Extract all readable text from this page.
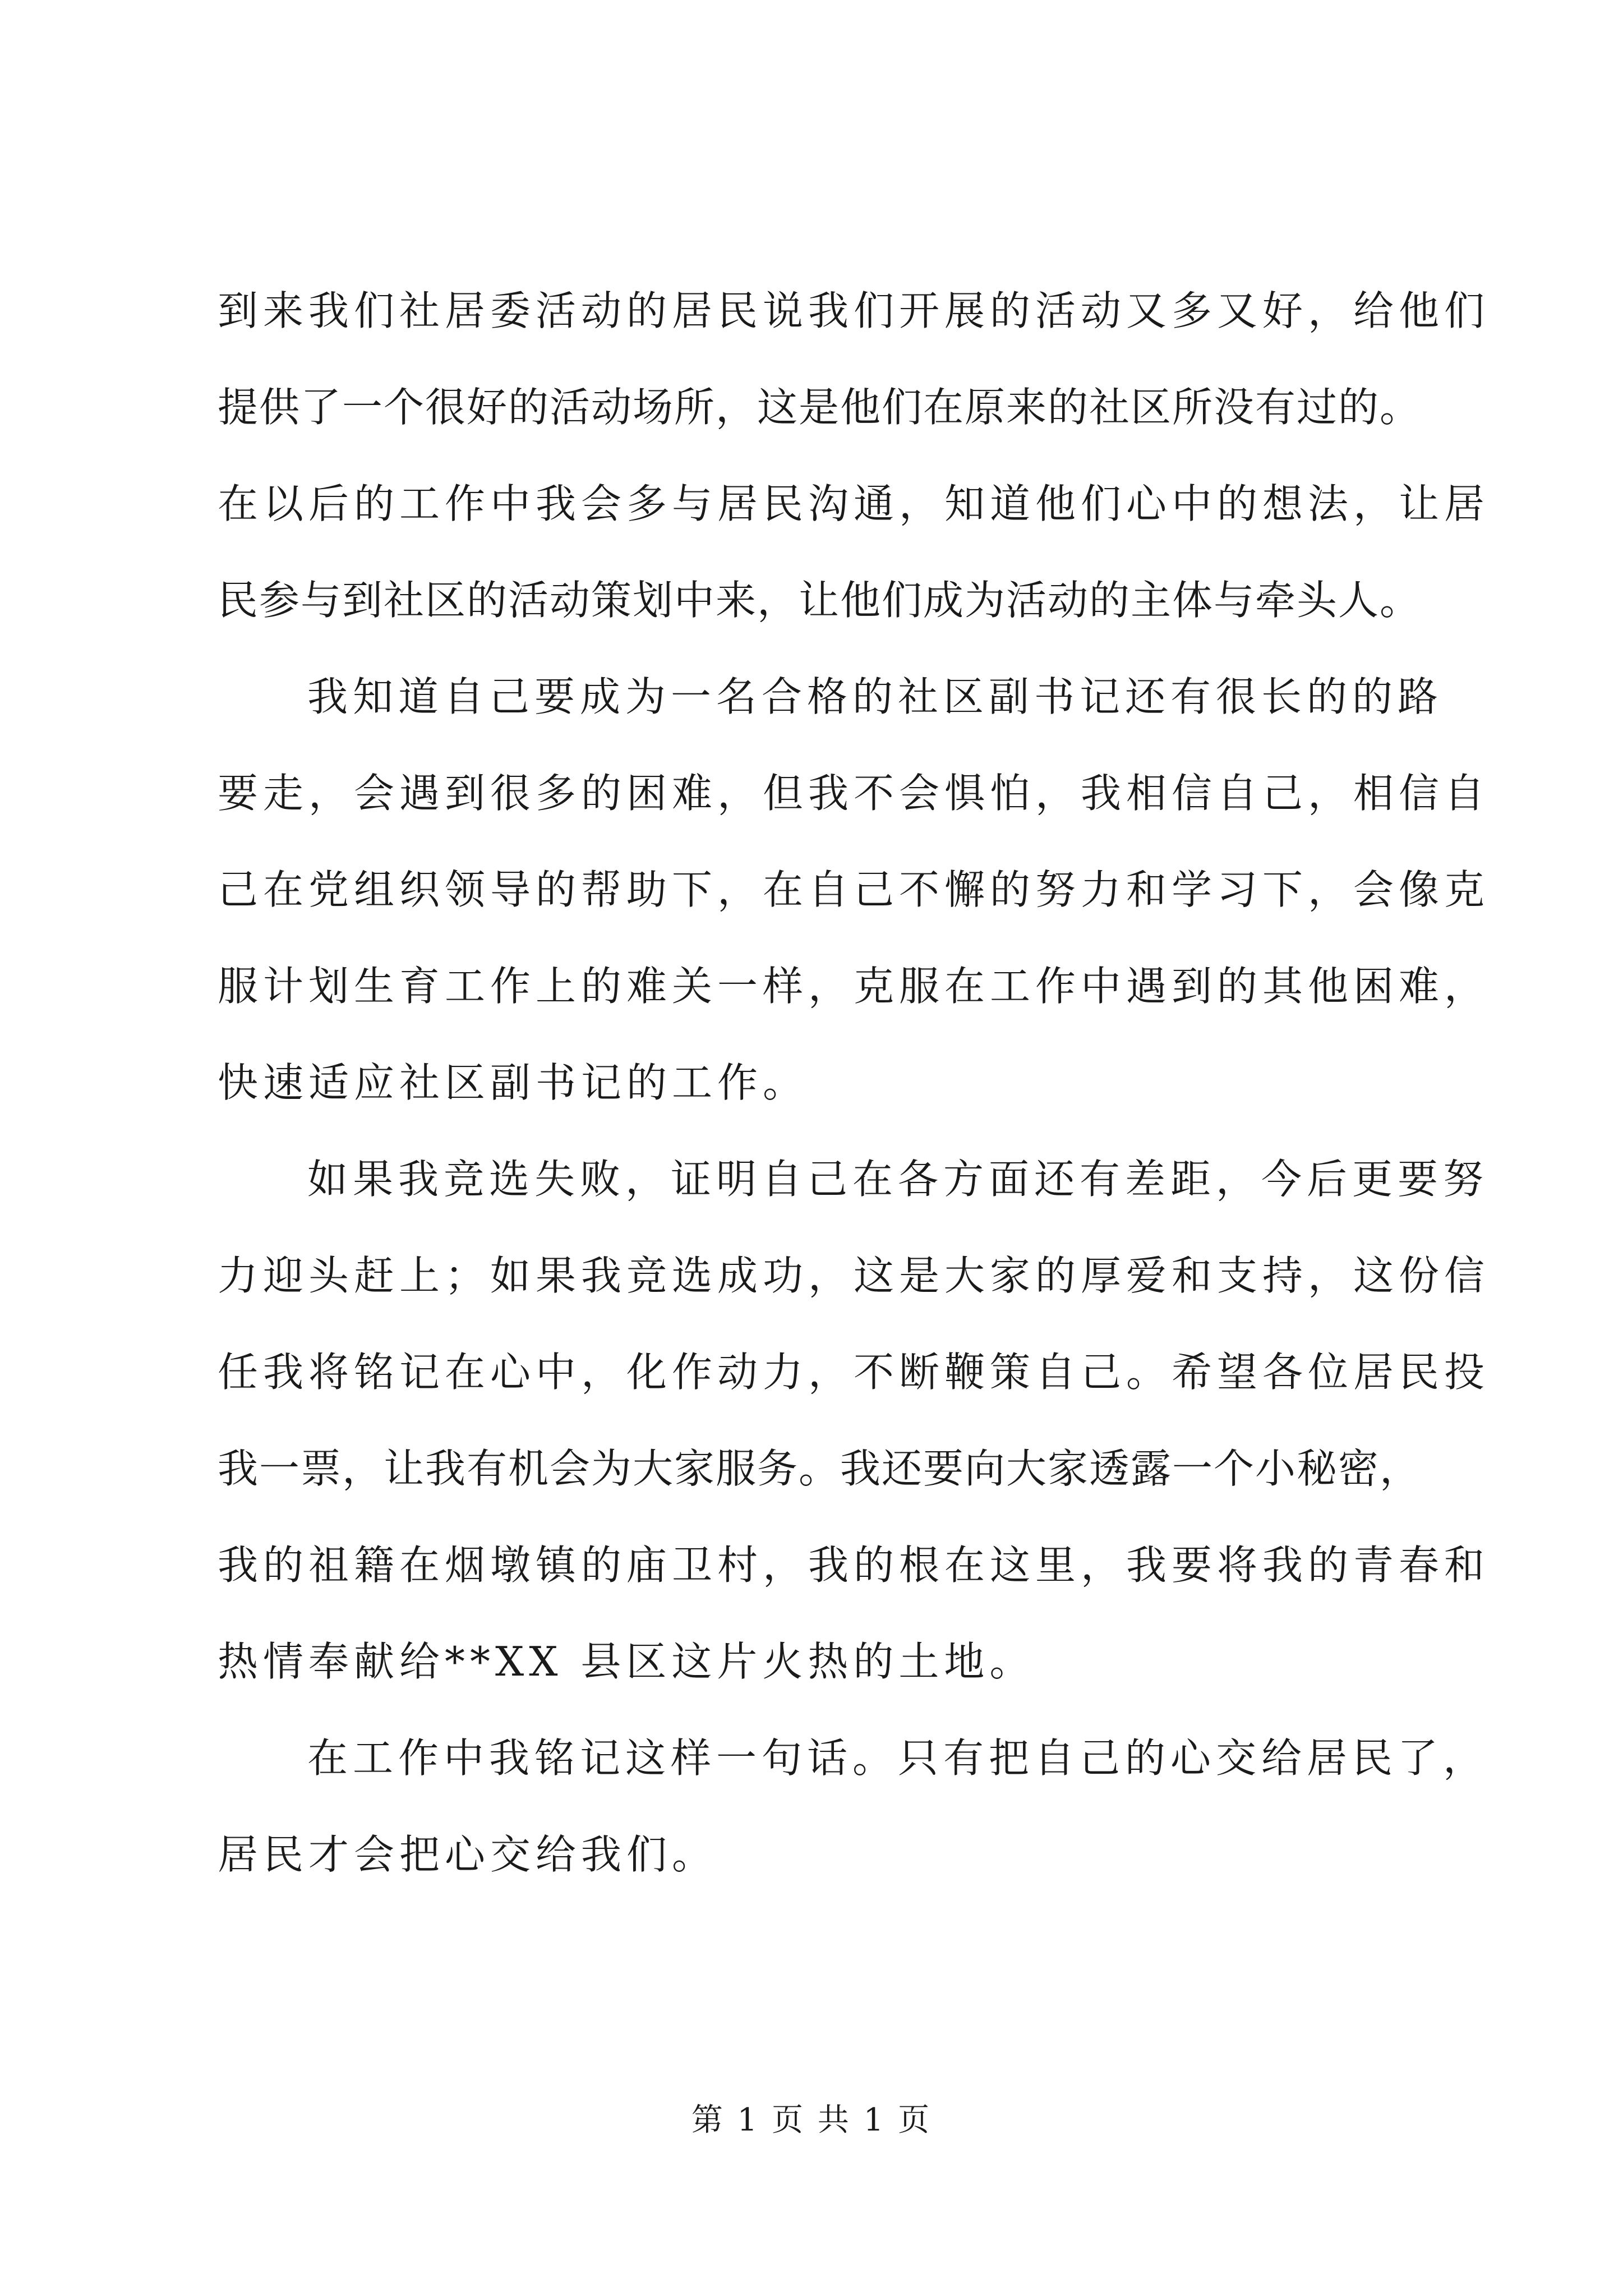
到来我们社居委活动的居民说我们开展的活动又多又好，给他们
提供了一个很好的活动场所，这是他们在原来的社区所没有过的。
在以后的工作中我会多与居民沟通，知道他们心中的想法，让居
民参与到社区的活动策划中来，让他们成为活动的主体与牵头人。
我知道自己要成为一名合格的社区副书记还有很长的的路
要走，会遇到很多的困难，但我不会惧怕，我相信自己，相信自
己在党组织领导的帮助下，在自己不懈的努力和学习下，会像克
服计划生育工作上的难关一样，克服在工作中遇到的其他困难，
快速适应社区副书记的工作。
如果我竞选失败，证明自己在各方面还有差距，今后更要努
力迎头赶上；如果我竞选成功，这是大家的厚爱和支持，这份信
任我将铭记在心中，化作动力，不断鞭策自己。希望各位居民投
我一票，让我有机会为大家服务。我还要向大家透露一个小秘密，
我的祖籍在烟墩镇的庙卫村，我的根在这里，我要将我的青春和
热情奉献给**XX 县区这片火热的土地。
在工作中我铭记这样一句话。只有把自己的心交给居民了，
居民才会把心交给我们。
第 1 页 共 1 页
